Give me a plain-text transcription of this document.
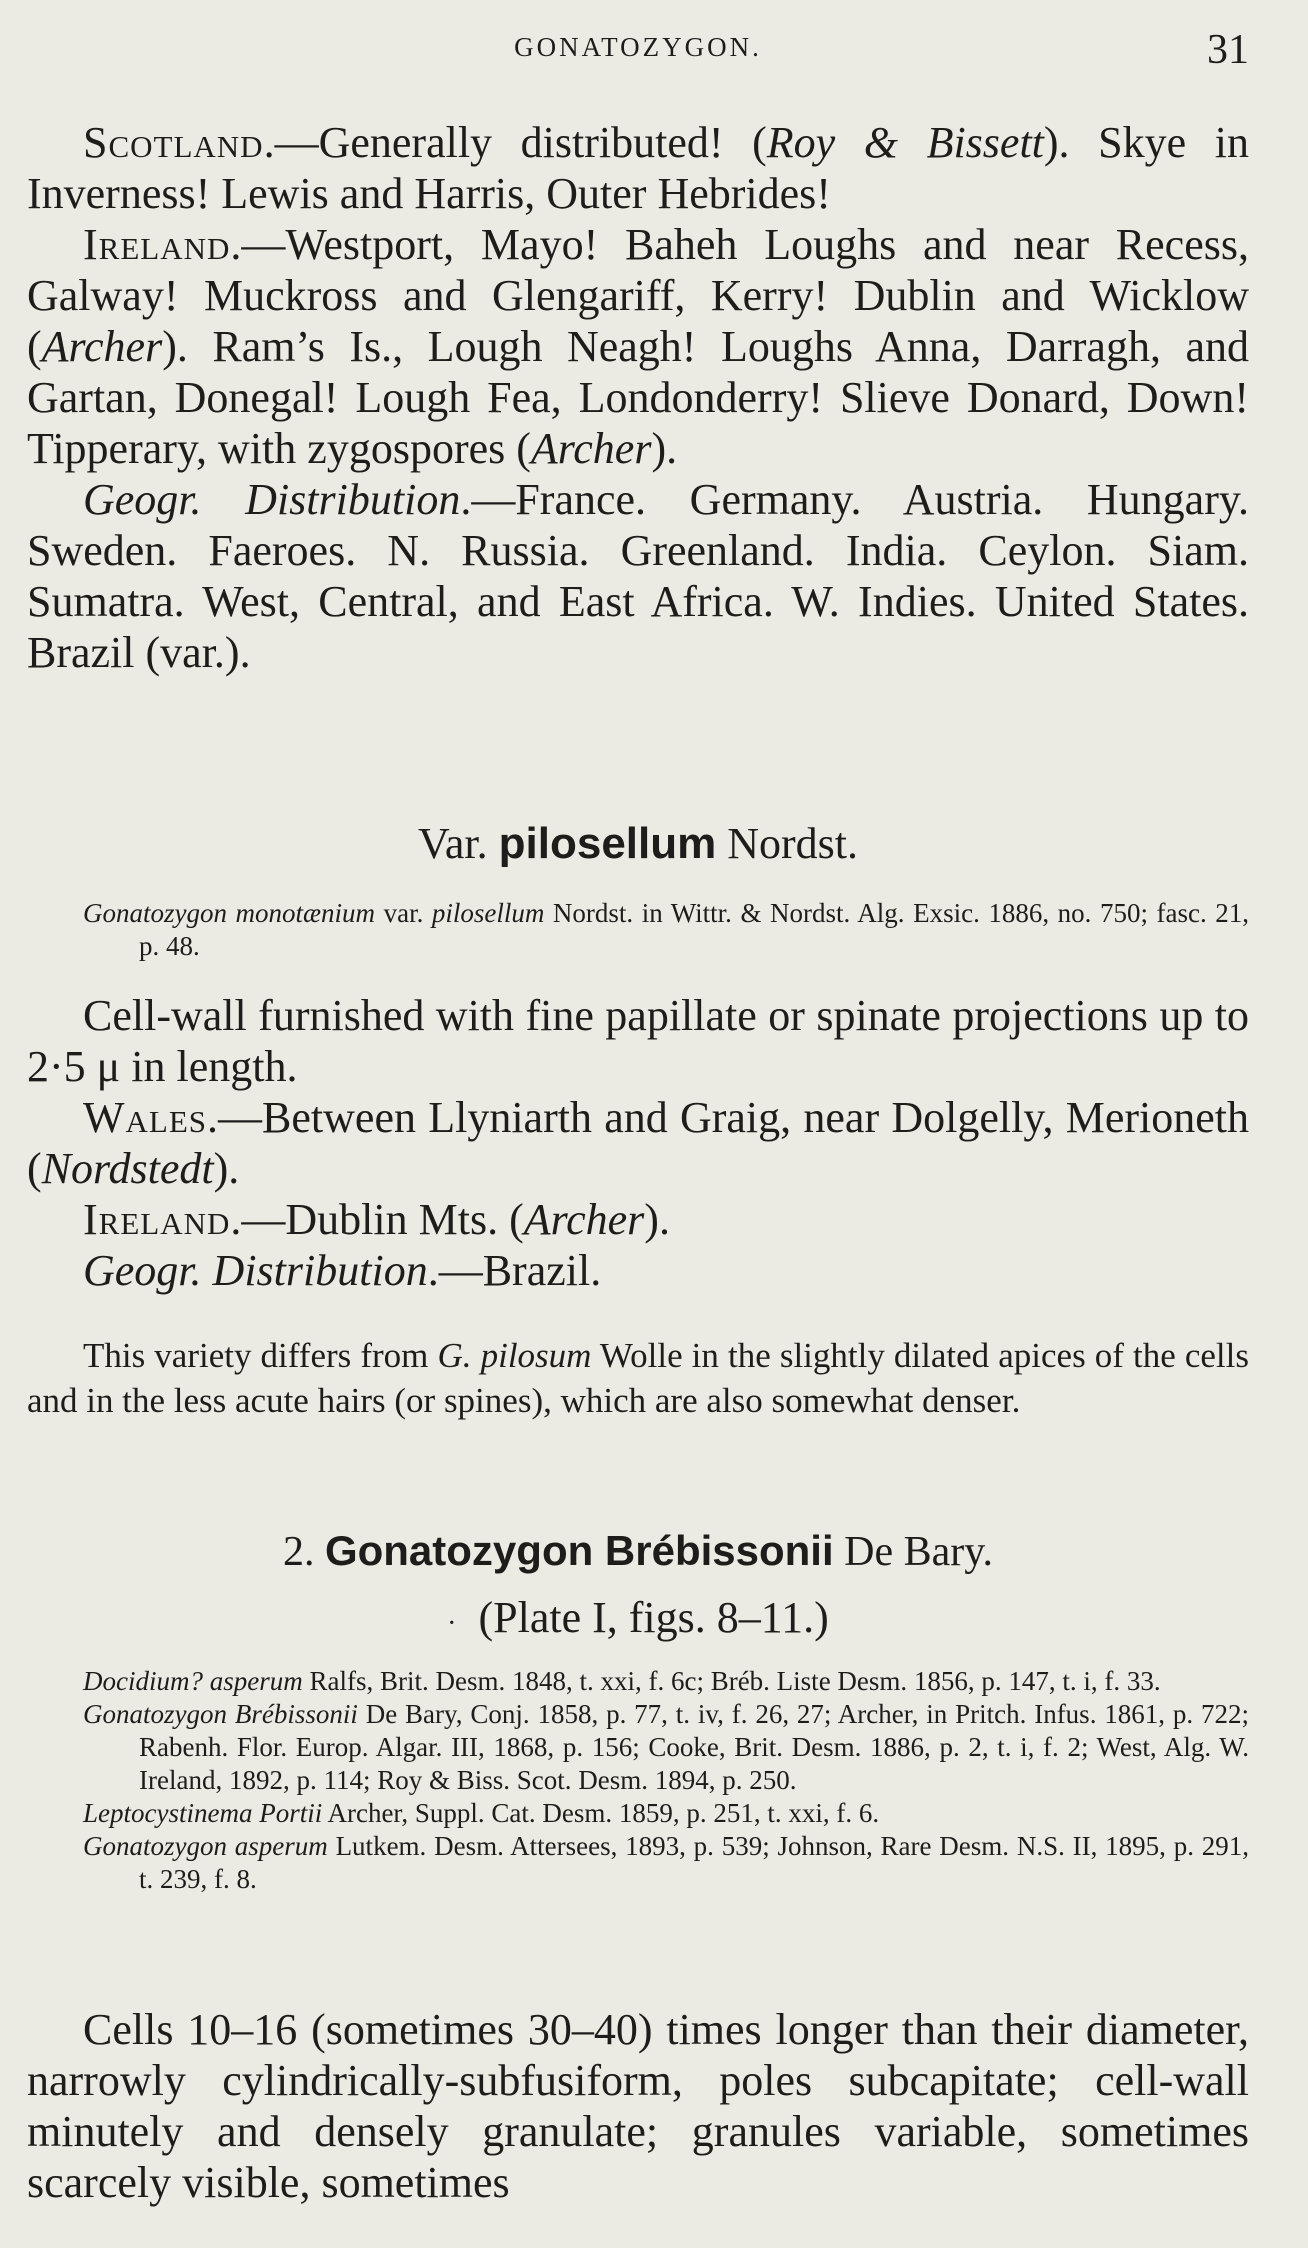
GONATOZYGON.	31

Scotland.—Generally distributed! (Roy & Bissett). Skye in Inverness! Lewis and Harris, Outer Hebrides!

Ireland.—Westport, Mayo! Baheh Loughs and near Recess, Galway! Muckross and Glengariff, Kerry! Dublin and Wicklow (Archer). Ram’s Is., Lough Neagh! Loughs Anna, Darragh, and Gartan, Donegal! Lough Fea, Londonderry! Slieve Donard, Down! Tipperary, with zygospores (Archer).

Geogr. Distribution.—France. Germany. Austria. Hungary. Sweden. Faeroes. N. Russia. Greenland. India. Ceylon. Siam. Sumatra. West, Central, and East Africa. W. Indies. United States. Brazil (var.).

Var. pilosellum Nordst.

Gonatozygon monotænium var. pilosellum Nordst. in Wittr. & Nordst. Alg. Exsic. 1886, no. 750; fasc. 21, p. 48.

Cell-wall furnished with fine papillate or spinate projections up to 2·5 μ in length.

Wales.—Between Llyniarth and Graig, near Dolgelly, Merioneth (Nordstedt).

Ireland.—Dublin Mts. (Archer).

Geogr. Distribution.—Brazil.

This variety differs from G. pilosum Wolle in the slightly dilated apices of the cells and in the less acute hairs (or spines), which are also somewhat denser.

2. Gonatozygon Brébissonii De Bary.
· (Plate I, figs. 8–11.)

Docidium? asperum Ralfs, Brit. Desm. 1848, t. xxi, f. 6c; Bréb. Liste Desm. 1856, p. 147, t. i, f. 33.

Gonatozygon Brébissonii De Bary, Conj. 1858, p. 77, t. iv, f. 26, 27; Archer, in Pritch. Infus. 1861, p. 722; Rabenh. Flor. Europ. Algar. III, 1868, p. 156; Cooke, Brit. Desm. 1886, p. 2, t. i, f. 2; West, Alg. W. Ireland, 1892, p. 114; Roy & Biss. Scot. Desm. 1894, p. 250.

Leptocystinema Portii Archer, Suppl. Cat. Desm. 1859, p. 251, t. xxi, f. 6.

Gonatozygon asperum Lutkem. Desm. Attersees, 1893, p. 539; Johnson, Rare Desm. N.S. II, 1895, p. 291, t. 239, f. 8.

Cells 10–16 (sometimes 30–40) times longer than their diameter, narrowly cylindrically-subfusiform, poles subcapitate; cell-wall minutely and densely granulate; granules variable, sometimes scarcely visible, sometimes
